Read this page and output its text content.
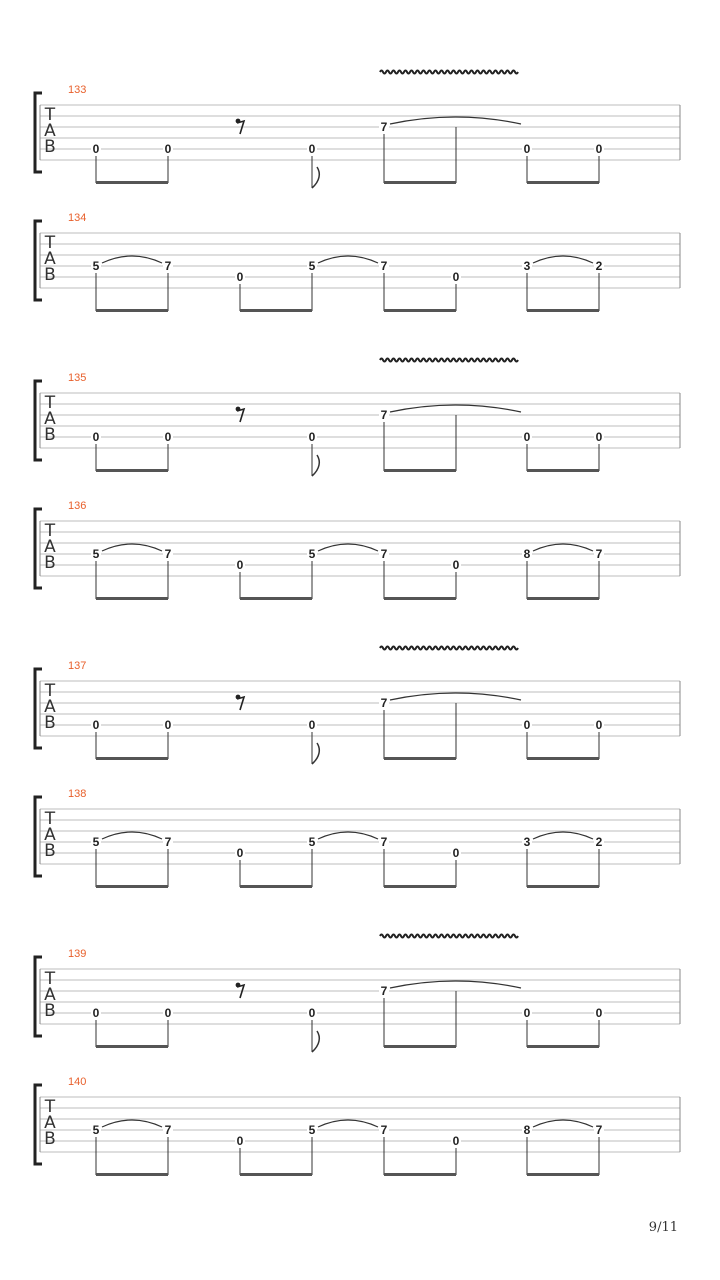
133
T
A
B	0	0	0
7
0	0
134
T
A
B	5	7
0
5	7
0
3	2
135
T
A
B	0	0	0
7
0	0
136
T
A
B	5	7
0
5	7
0
8	7
137
T
A
B	0	0	0
7
0	0
138
T
A
B	5	7
0
5	7
0
3	2
139
T
A
B	0	0	0
7
0	0
140
T
A
B	5	7
0
5	7
0
8	7
9/11
